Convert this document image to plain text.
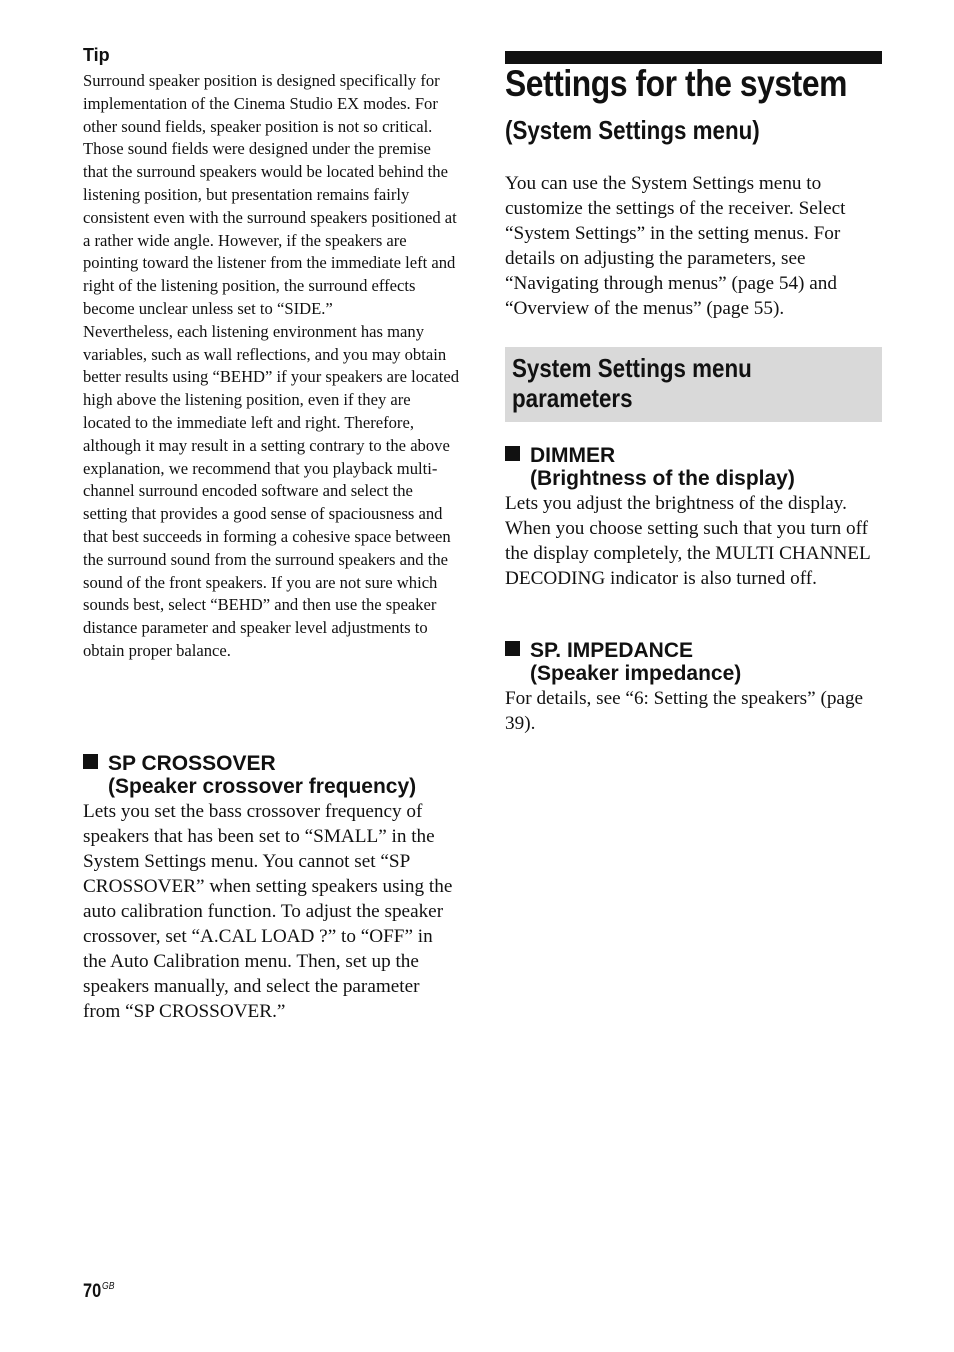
Tip

Surround speaker position is designed specifically for implementation of the Cinema Studio EX modes. For other sound fields, speaker position is not so critical.

Those sound fields were designed under the premise that the surround speakers would be located behind the listening position, but presentation remains fairly consistent even with the surround speakers positioned at a rather wide angle. However, if the speakers are pointing toward the listener from the immediate left and right of the listening position, the surround effects become unclear unless set to “SIDE.”

Nevertheless, each listening environment has many variables, such as wall reflections, and you may obtain better results using “BEHD” if your speakers are located high above the listening position, even if they are located to the immediate left and right. Therefore, although it may result in a setting contrary to the above explanation, we recommend that you playback multi-channel surround encoded software and select the setting that provides a good sense of spaciousness and that best succeeds in forming a cohesive space between the surround sound from the surround speakers and the sound of the front speakers. If you are not sure which sounds best, select “BEHD” and then use the speaker distance parameter and speaker level adjustments to obtain proper balance.

SP CROSSOVER
(Speaker crossover frequency)

Lets you set the bass crossover frequency of speakers that has been set to “SMALL” in the System Settings menu. You cannot set “SP CROSSOVER” when setting speakers using the auto calibration function. To adjust the speaker crossover, set “A.CAL LOAD ?” to “OFF” in the Auto Calibration menu. Then, set up the speakers manually, and select the parameter from “SP CROSSOVER.”

Settings for the system
(System Settings menu)

You can use the System Settings menu to customize the settings of the receiver. Select “System Settings” in the setting menus. For details on adjusting the parameters, see “Navigating through menus” (page 54) and “Overview of the menus” (page 55).

System Settings menu
parameters
DIMMER
(Brightness of the display)

Lets you adjust the brightness of the display. When you choose setting such that you turn off the display completely, the MULTI CHANNEL DECODING indicator is also turned off.

SP. IMPEDANCE
(Speaker impedance)

For details, see “6: Setting the speakers” (page 39).

$70^{GB}$
